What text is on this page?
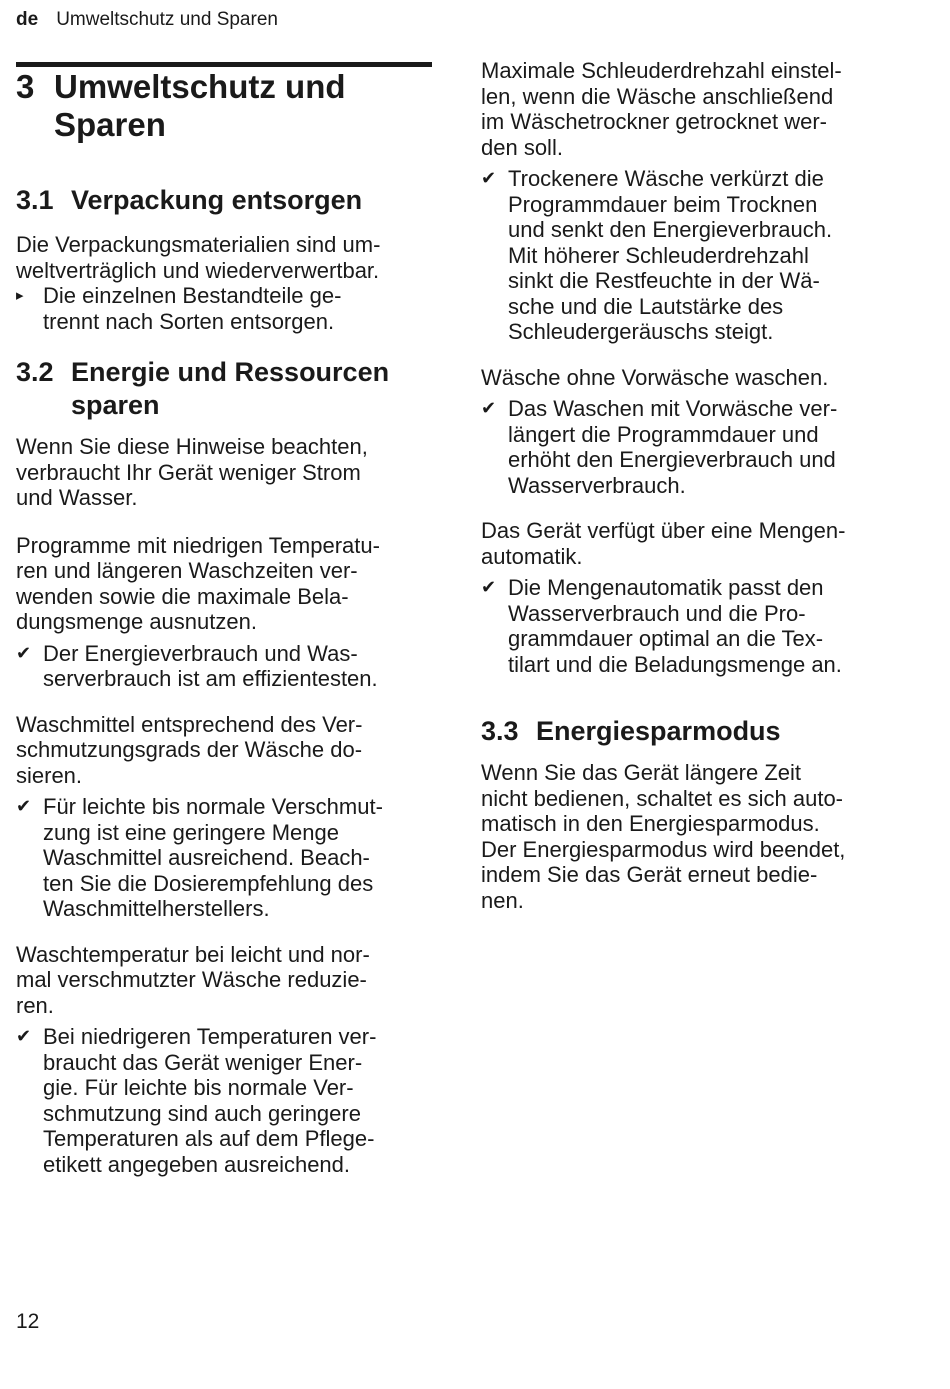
de Umweltschutz und Sparen
3 Umweltschutz und Sparen
3.1 Verpackung entsorgen

Die Verpackungsmaterialien sind um-
weltverträglich und wiederverwertbar.

▸ Die einzelnen Bestandteile ge-
trennt nach Sorten entsorgen.
3.2 Energie und Ressourcen sparen

Wenn Sie diese Hinweise beachten,
verbraucht Ihr Gerät weniger Strom
und Wasser.

Programme mit niedrigen Temperatu-
ren und längeren Waschzeiten ver-
wenden sowie die maximale Bela-
dungsmenge ausnutzen.

✔ Der Energieverbrauch und Was-
serverbrauch ist am effizientesten.

Waschmittel entsprechend des Ver-
schmutzungsgrads der Wäsche do-
sieren.

✔ Für leichte bis normale Verschmut-
zung ist eine geringere Menge
Waschmittel ausreichend. Beach-
ten Sie die Dosierempfehlung des
Waschmittelherstellers.

Waschtemperatur bei leicht und nor-
mal verschmutzter Wäsche reduzie-
ren.

✔ Bei niedrigeren Temperaturen ver-
braucht das Gerät weniger Ener-
gie. Für leichte bis normale Ver-
schmutzung sind auch geringere
Temperaturen als auf dem Pflege-
etikett angegeben ausreichend.

Maximale Schleuderdrehzahl einstel-
len, wenn die Wäsche anschließend
im Wäschetrockner getrocknet wer-
den soll.

✔ Trockenere Wäsche verkürzt die
Programmdauer beim Trocknen
und senkt den Energieverbrauch.
Mit höherer Schleuderdrehzahl
sinkt die Restfeuchte in der Wä-
sche und die Lautstärke des
Schleudergeräuschs steigt.

Wäsche ohne Vorwäsche waschen.

✔ Das Waschen mit Vorwäsche ver-
längert die Programmdauer und
erhöht den Energieverbrauch und
Wasserverbrauch.

Das Gerät verfügt über eine Mengen-
automatik.

✔ Die Mengenautomatik passt den
Wasserverbrauch und die Pro-
grammdauer optimal an die Tex-
tilart und die Beladungsmenge an.
3.3 Energiesparmodus

Wenn Sie das Gerät längere Zeit
nicht bedienen, schaltet es sich auto-
matisch in den Energiesparmodus.
Der Energiesparmodus wird beendet,
indem Sie das Gerät erneut bedie-
nen.

12
